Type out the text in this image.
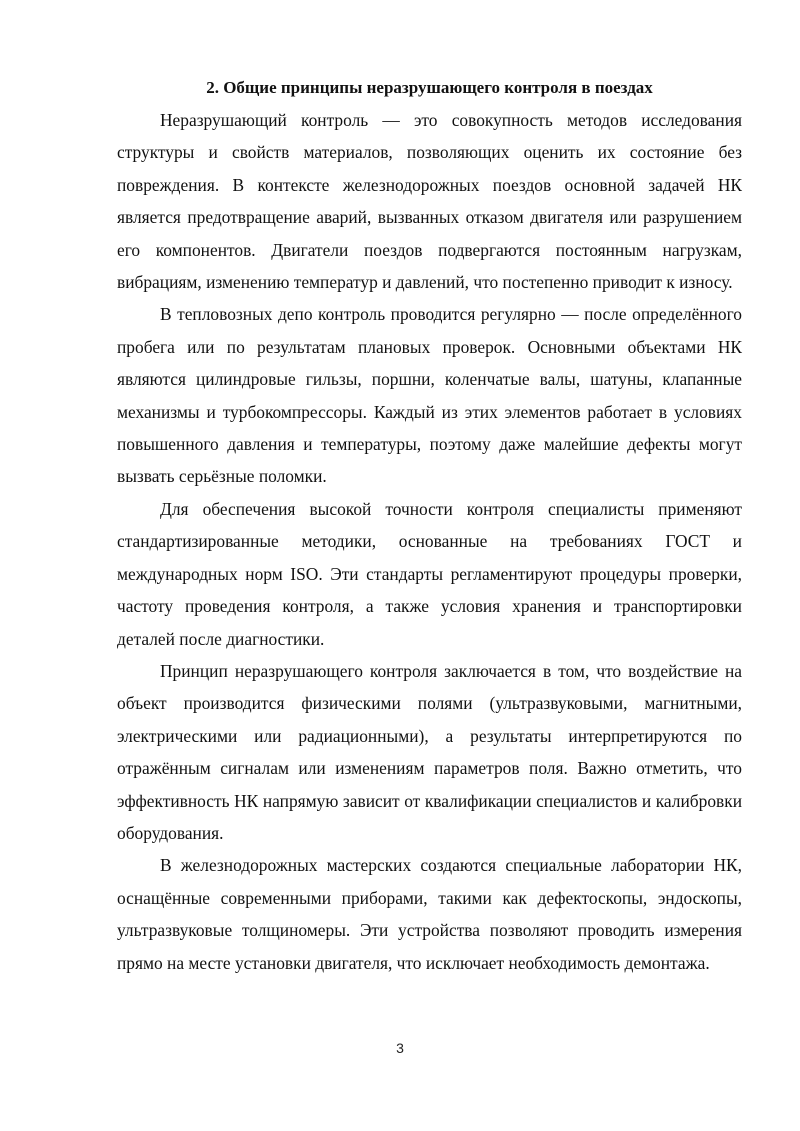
2. Общие принципы неразрушающего контроля в поездах

Неразрушающий контроль — это совокупность методов исследования структуры и свойств материалов, позволяющих оценить их состояние без повреждения. В контексте железнодорожных поездов основной задачей НК является предотвращение аварий, вызванных отказом двигателя или разрушением его компонентов. Двигатели поездов подвергаются постоянным нагрузкам, вибрациям, изменению температур и давлений, что постепенно приводит к износу.

В тепловозных депо контроль проводится регулярно — после определённого пробега или по результатам плановых проверок. Основными объектами НК являются цилиндровые гильзы, поршни, коленчатые валы, шатуны, клапанные механизмы и турбокомпрессоры. Каждый из этих элементов работает в условиях повышенного давления и температуры, поэтому даже малейшие дефекты могут вызвать серьёзные поломки.

Для обеспечения высокой точности контроля специалисты применяют стандартизированные методики, основанные на требованиях ГОСТ и международных норм ISO. Эти стандарты регламентируют процедуры проверки, частоту проведения контроля, а также условия хранения и транспортировки деталей после диагностики.

Принцип неразрушающего контроля заключается в том, что воздействие на объект производится физическими полями (ультразвуковыми, магнитными, электрическими или радиационными), а результаты интерпретируются по отражённым сигналам или изменениям параметров поля. Важно отметить, что эффективность НК напрямую зависит от квалификации специалистов и калибровки оборудования.

В железнодорожных мастерских создаются специальные лаборатории НК, оснащённые современными приборами, такими как дефектоскопы, эндоскопы, ультразвуковые толщиномеры. Эти устройства позволяют проводить измерения прямо на месте установки двигателя, что исключает необходимость демонтажа.

3
